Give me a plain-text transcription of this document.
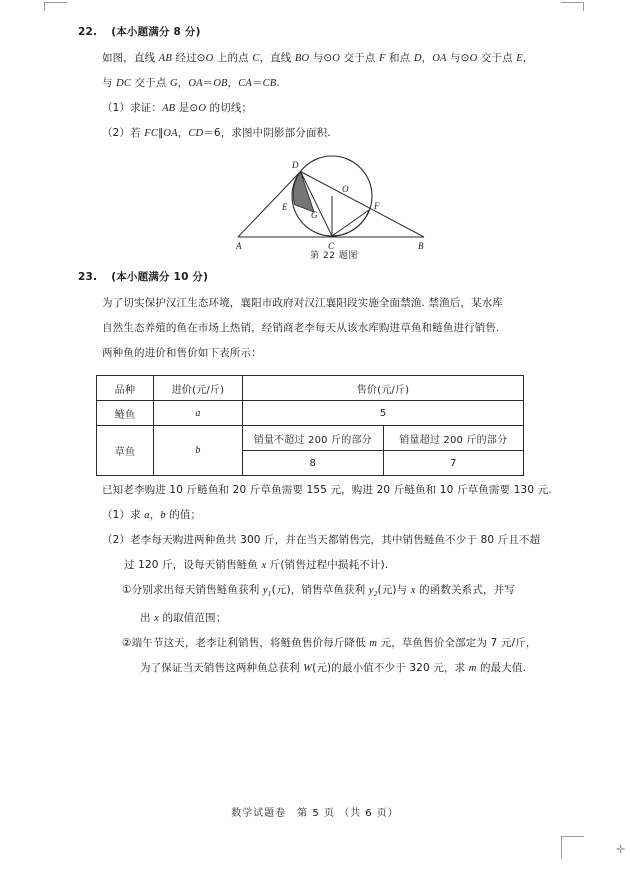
✛
22. (本小题满分 8 分)

如图，直线 AB 经过⊙O 上的点 C，直线 BO 与⊙O 交于点 F 和点 D，OA 与⊙O 交于点 E，

与 DC 交于点 G，OA＝OB，CA＝CB.

（1）求证：AB 是⊙O 的切线；

（2）若 FC∥OA，CD＝6，求图中阴影部分面积.

D
O
E
G
F
A	C	B
第 22 题图
23. (本小题满分 10 分)

为了切实保护汉江生态环境，襄阳市政府对汉江襄阳段实施全面禁渔. 禁渔后，某水库

自然生态养殖的鱼在市场上热销，经销商老李每天从该水库购进草鱼和鲢鱼进行销售.

两种鱼的进价和售价如下表所示：

品种	进价(元/斤)	售价(元/斤)	
鲢鱼	a	5	
草鱼	b	销量不超过 200 斤的部分	销量超过 200 斤的部分
		8	7

已知老李购进 10 斤鲢鱼和 20 斤草鱼需要 155 元，购进 20 斤鲢鱼和 10 斤草鱼需要 130 元.

（1）求 a，b 的值；

（2）老李每天购进两种鱼共 300 斤，并在当天都销售完，其中销售鲢鱼不少于 80 斤且不超

过 120 斤，设每天销售鲢鱼 x 斤(销售过程中损耗不计).

①分别求出每天销售鲢鱼获利 $y_1$(元)，销售草鱼获利 $y_2$(元)与 x 的函数关系式，并写

出 x 的取值范围；

②端午节这天，老李让利销售，将鲢鱼售价每斤降低 m 元，草鱼售价全部定为 7 元/斤，

为了保证当天销售这两种鱼总获利 W(元)的最小值不少于 320 元，求 m 的最大值.

数学试题卷　第 5 页 （共 6 页）
